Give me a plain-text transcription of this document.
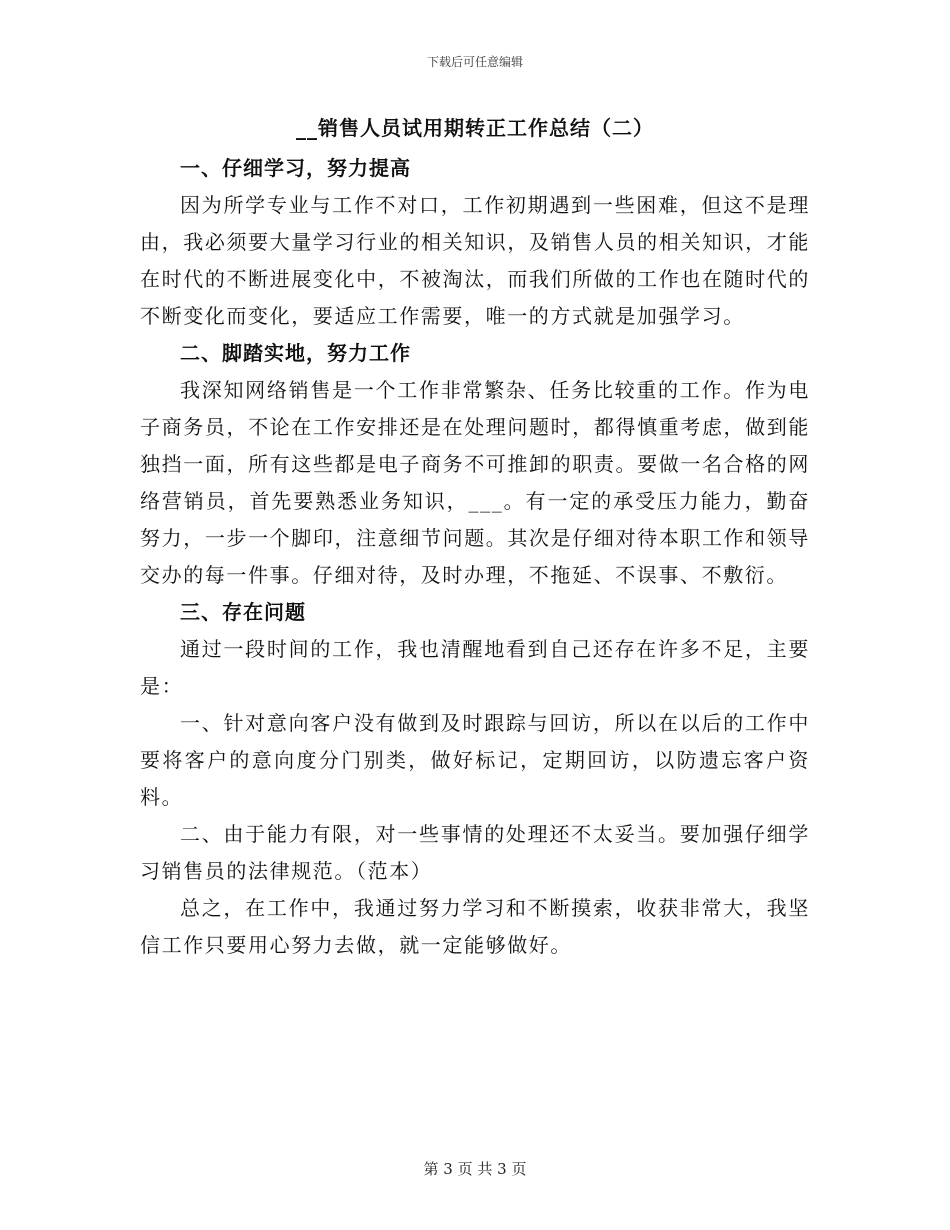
下载后可任意编辑
__销售人员试用期转正工作总结（二）
一、仔细学习，努力提高

因为所学专业与工作不对口，工作初期遇到一些困难，但这不是理由，我必须要大量学习行业的相关知识，及销售人员的相关知识，才能在时代的不断进展变化中，不被淘汰，而我们所做的工作也在随时代的不断变化而变化，要适应工作需要，唯一的方式就是加强学习。

二、脚踏实地，努力工作

我深知网络销售是一个工作非常繁杂、任务比较重的工作。作为电子商务员，不论在工作安排还是在处理问题时，都得慎重考虑，做到能独挡一面，所有这些都是电子商务不可推卸的职责。要做一名合格的网络营销员，首先要熟悉业务知识，___。有一定的承受压力能力，勤奋努力，一步一个脚印，注意细节问题。其次是仔细对待本职工作和领导交办的每一件事。仔细对待，及时办理，不拖延、不误事、不敷衍。

三、存在问题

通过一段时间的工作，我也清醒地看到自己还存在许多不足，主要是：

一、针对意向客户没有做到及时跟踪与回访，所以在以后的工作中要将客户的意向度分门别类，做好标记，定期回访，以防遗忘客户资料。

二、由于能力有限，对一些事情的处理还不太妥当。要加强仔细学习销售员的法律规范。（范本）

总之，在工作中，我通过努力学习和不断摸索，收获非常大，我坚信工作只要用心努力去做，就一定能够做好。

第 3 页 共 3 页
